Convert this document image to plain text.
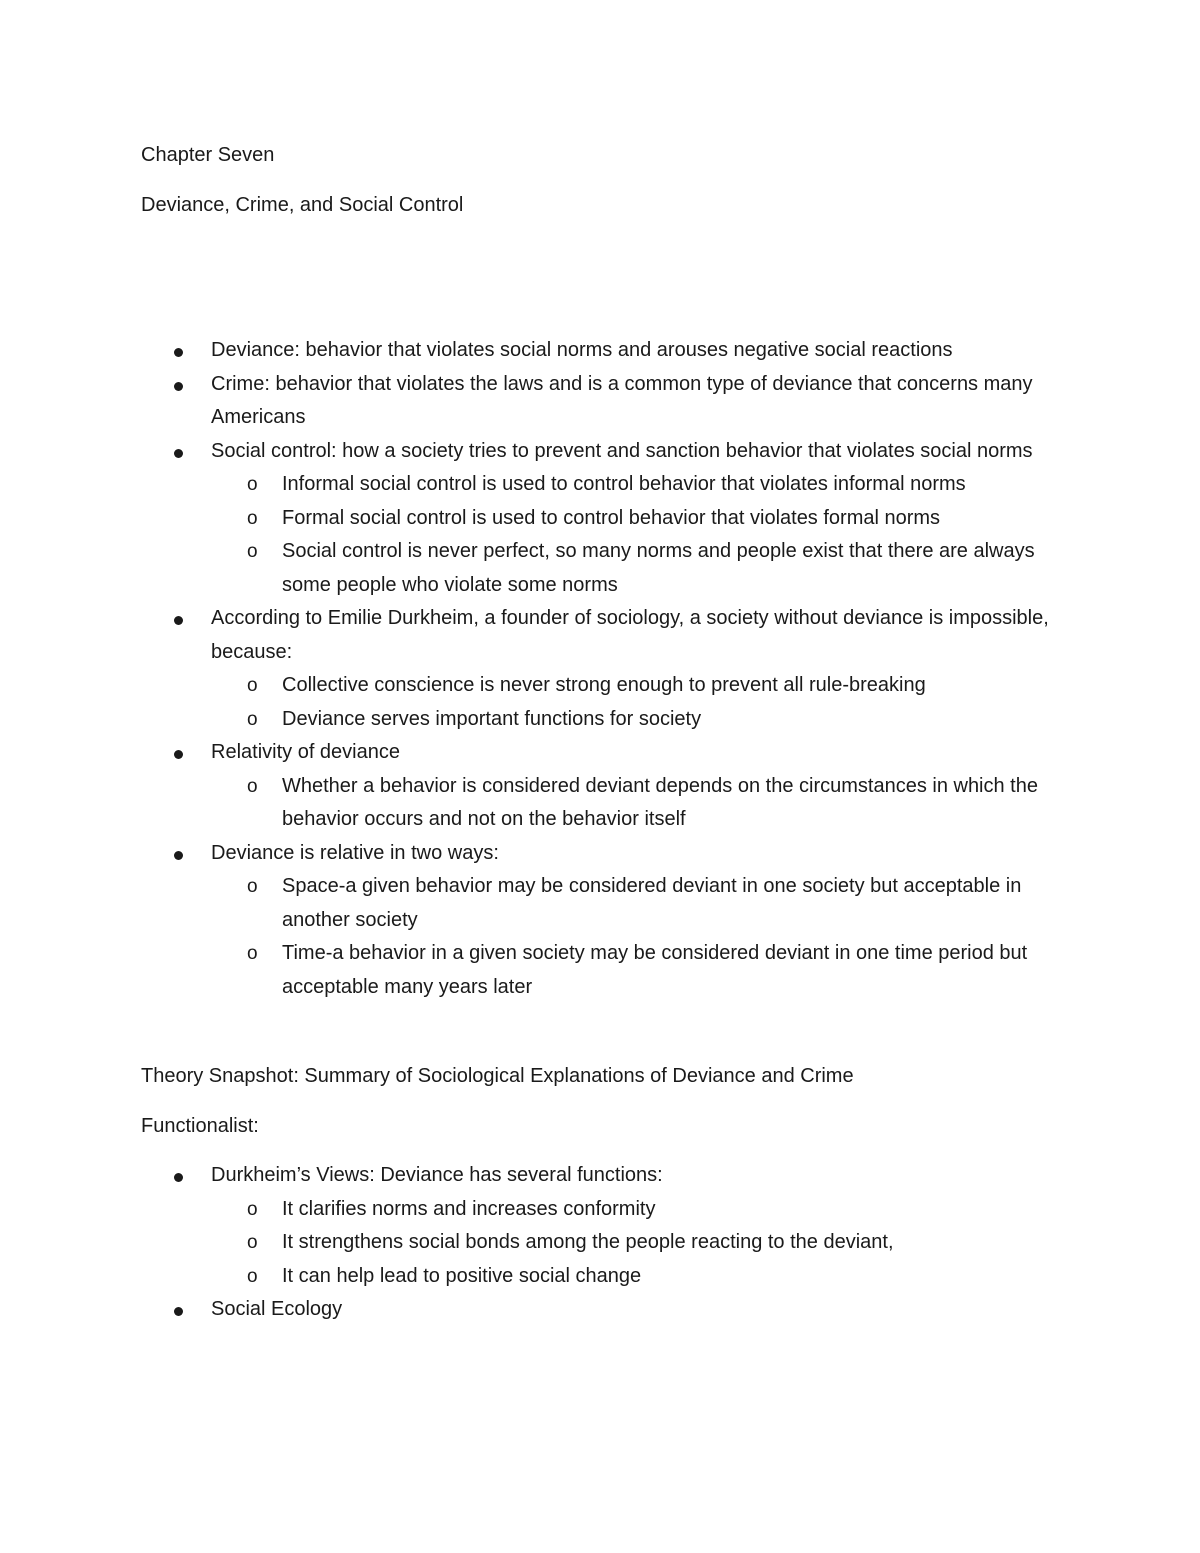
Chapter Seven

Deviance, Crime, and Social Control

Deviance: behavior that violates social norms and arouses negative social reactions
Crime: behavior that violates the laws and is a common type of deviance that concerns many Americans
Social control: how a society tries to prevent and sanction behavior that violates social norms
o Informal social control is used to control behavior that violates informal norms
o Formal social control is used to control behavior that violates formal norms
o Social control is never perfect, so many norms and people exist that there are always some people who violate some norms
According to Emilie Durkheim, a founder of sociology, a society without deviance is impossible, because:
o Collective conscience is never strong enough to prevent all rule-breaking
o Deviance serves important functions for society
Relativity of deviance
o Whether a behavior is considered deviant depends on the circumstances in which the behavior occurs and not on the behavior itself
Deviance is relative in two ways:
o Space-a given behavior may be considered deviant in one society but acceptable in another society
o Time-a behavior in a given society may be considered deviant in one time period but acceptable many years later

Theory Snapshot: Summary of Sociological Explanations of Deviance and Crime

Functionalist:

Durkheim’s Views: Deviance has several functions:
o It clarifies norms and increases conformity
o It strengthens social bonds among the people reacting to the deviant,
o It can help lead to positive social change
Social Ecology
